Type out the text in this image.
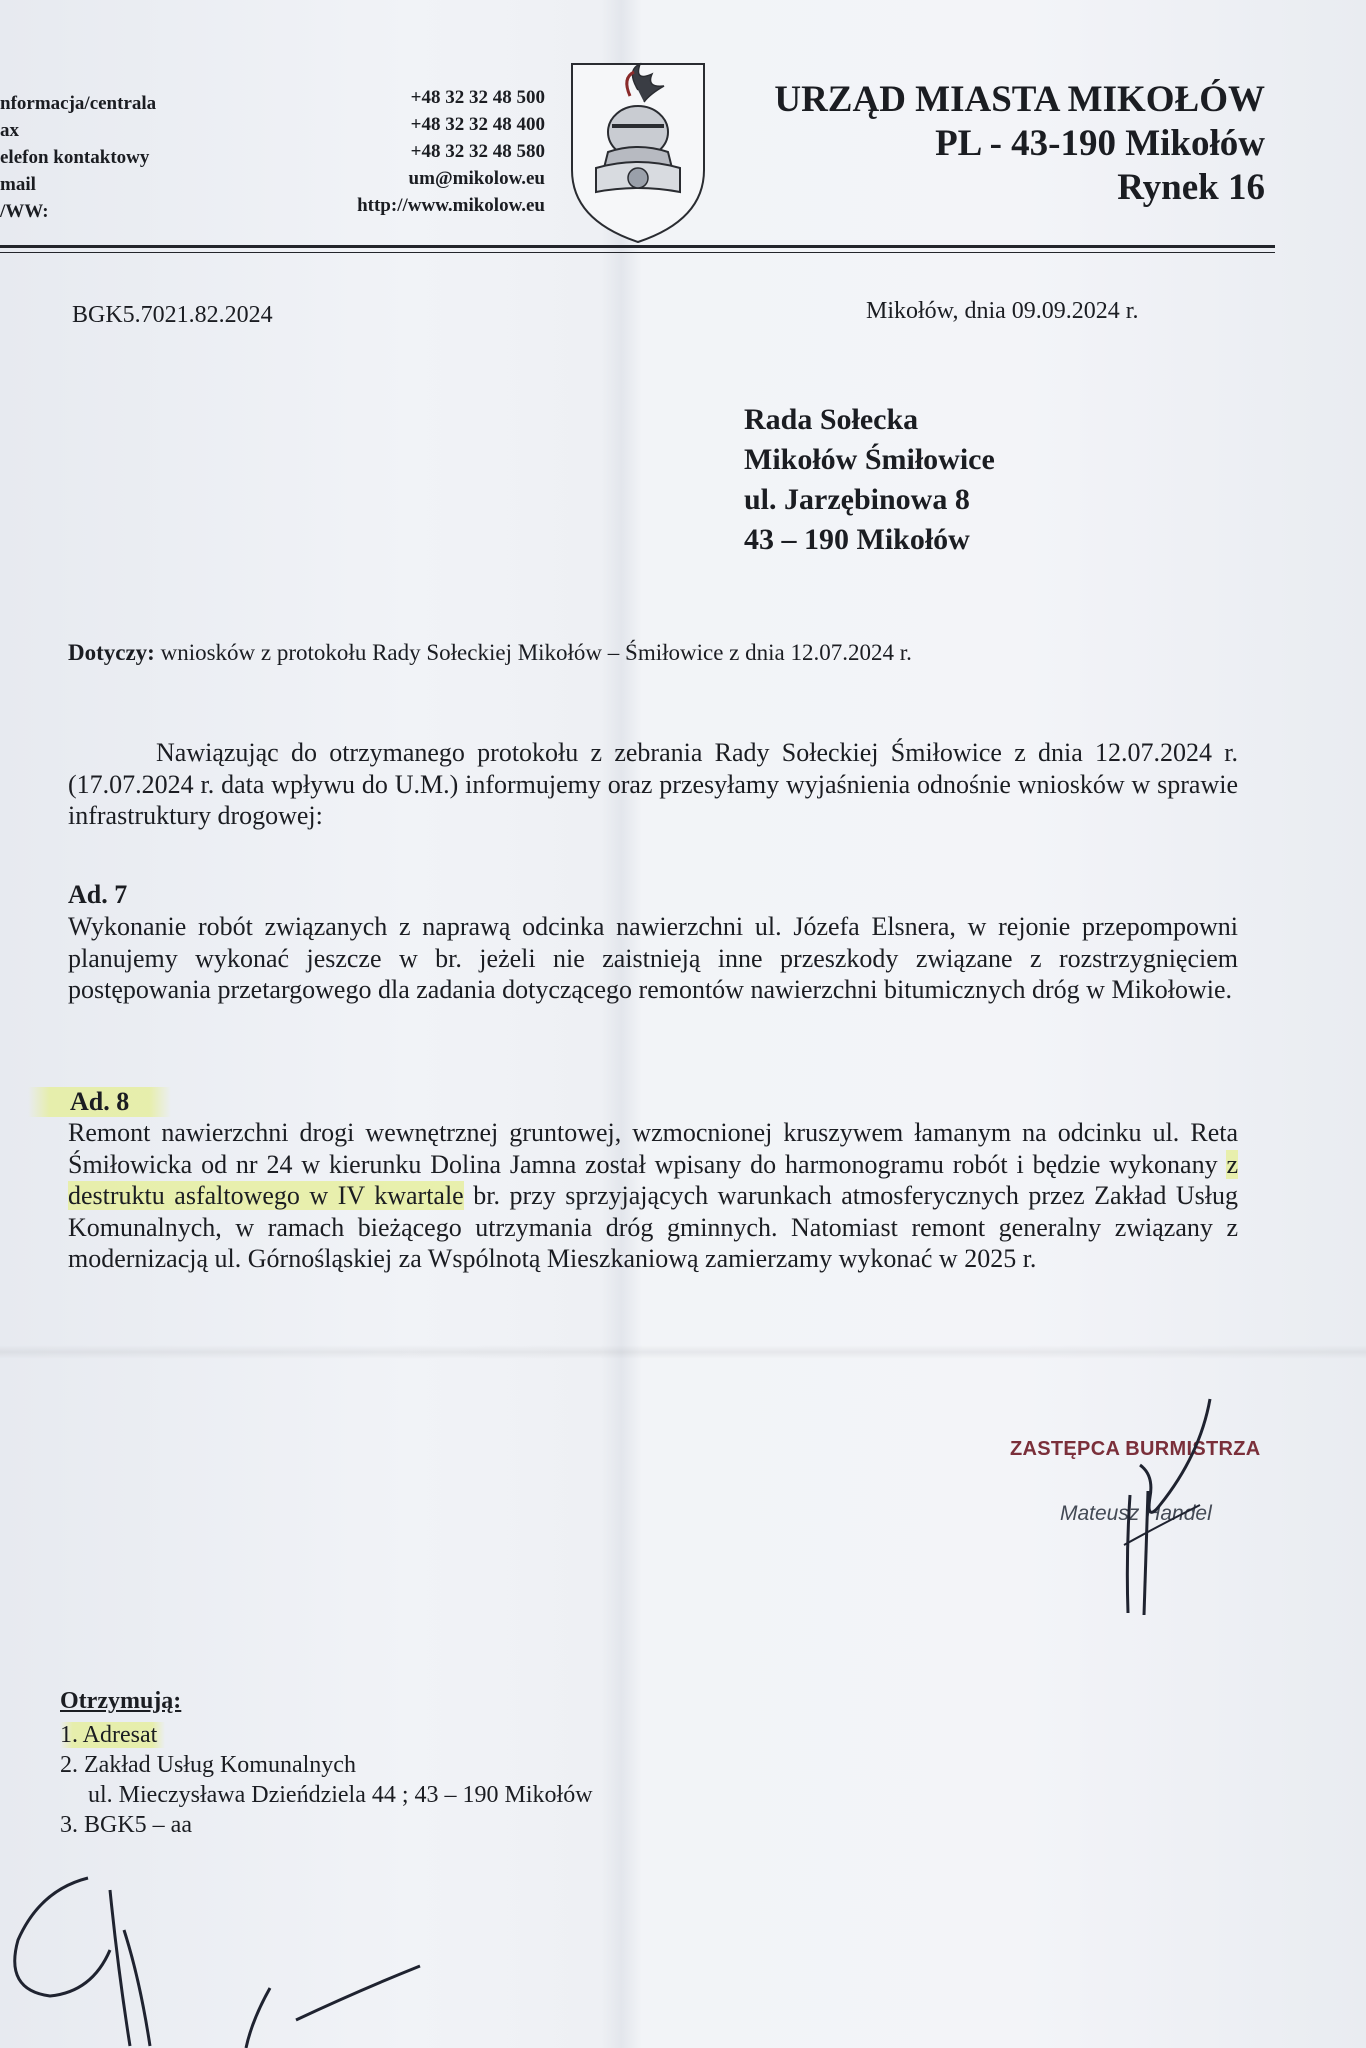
nformacja/centrala
ax
elefon kontaktowy
mail
/WW:
+48 32 32 48 500
+48 32 32 48 400
+48 32 32 48 580
um@mikolow.eu
http://www.mikolow.eu
URZĄD MIASTA MIKOŁÓW
PL - 43-190 Mikołów
Rynek 16
BGK5.7021.82.2024	Mikołów, dnia 09.09.2024 r.
Rada Sołecka
Mikołów Śmiłowice
ul. Jarzębinowa 8
43 – 190 Mikołów
Dotyczy: wniosków z protokołu Rady Sołeckiej Mikołów – Śmiłowice z dnia 12.07.2024 r.
Nawiązując do otrzymanego protokołu z zebrania Rady Sołeckiej Śmiłowice z dnia 12.07.2024 r. (17.07.2024 r. data wpływu do U.M.) informujemy oraz przesyłamy wyjaśnienia odnośnie wniosków w sprawie infrastruktury drogowej:
Ad. 7
Wykonanie robót związanych z naprawą odcinka nawierzchni ul. Józefa Elsnera, w rejonie przepompowni planujemy wykonać jeszcze w br. jeżeli nie zaistnieją inne przeszkody związane z rozstrzygnięciem postępowania przetargowego dla zadania dotyczącego remontów nawierzchni bitumicznych dróg w Mikołowie.
Ad. 8
Remont nawierzchni drogi wewnętrznej gruntowej, wzmocnionej kruszywem łamanym na odcinku ul. Reta Śmiłowicka od nr 24 w kierunku Dolina Jamna został wpisany do harmonogramu robót i będzie wykonany z destruktu asfaltowego w IV kwartale br. przy sprzyjających warunkach atmosferycznych przez Zakład Usług Komunalnych, w ramach bieżącego utrzymania dróg gminnych. Natomiast remont generalny związany z modernizacją ul. Górnośląskiej za Wspólnotą Mieszkaniową zamierzamy wykonać w 2025 r.
ZASTĘPCA BURMISTRZA
Mateusz Handel
Otrzymują:
1. Adresat
2. Zakład Usług Komunalnych
ul. Mieczysława Dzieńdziela 44 ; 43 – 190 Mikołów
3. BGK5 – aa
